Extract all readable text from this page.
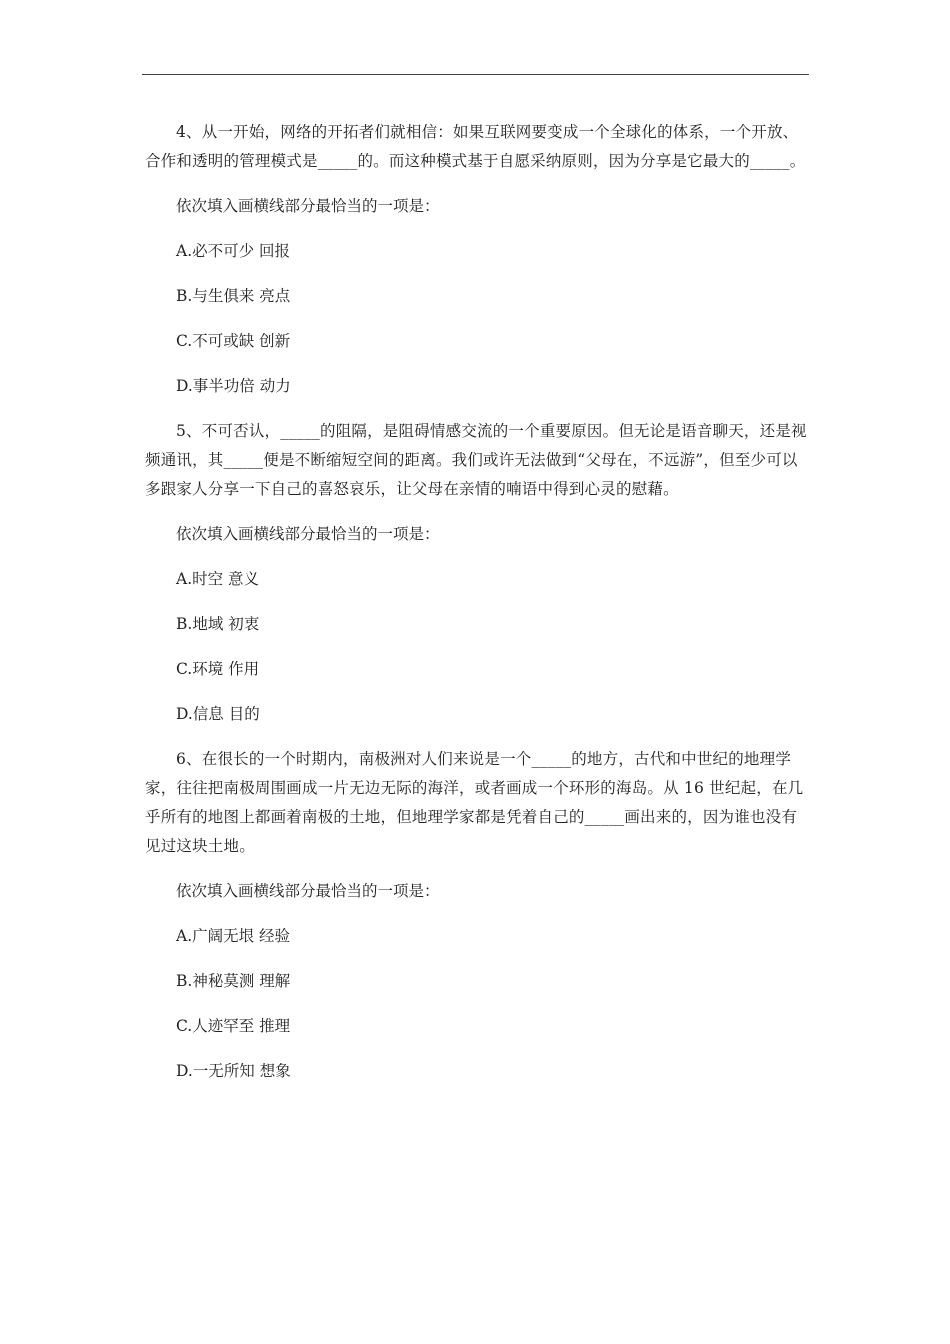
4、从一开始，网络的开拓者们就相信：如果互联网要变成一个全球化的体系，一个开放、合作和透明的管理模式是_____的。而这种模式基于自愿采纳原则，因为分享是它最大的_____。

依次填入画横线部分最恰当的一项是：

A.必不可少 回报

B.与生俱来 亮点

C.不可或缺 创新

D.事半功倍 动力

5、不可否认，_____的阻隔，是阻碍情感交流的一个重要原因。但无论是语音聊天，还是视频通讯，其_____便是不断缩短空间的距离。我们或许无法做到“父母在，不远游”，但至少可以多跟家人分享一下自己的喜怒哀乐，让父母在亲情的喃语中得到心灵的慰藉。

依次填入画横线部分最恰当的一项是：

A.时空 意义

B.地域 初衷

C.环境 作用

D.信息 目的

6、在很长的一个时期内，南极洲对人们来说是一个_____的地方，古代和中世纪的地理学家，往往把南极周围画成一片无边无际的海洋，或者画成一个环形的海岛。从 16 世纪起，在几乎所有的地图上都画着南极的土地，但地理学家都是凭着自己的_____画出来的，因为谁也没有见过这块土地。

依次填入画横线部分最恰当的一项是：

A.广阔无垠 经验

B.神秘莫测 理解

C.人迹罕至 推理

D.一无所知 想象
